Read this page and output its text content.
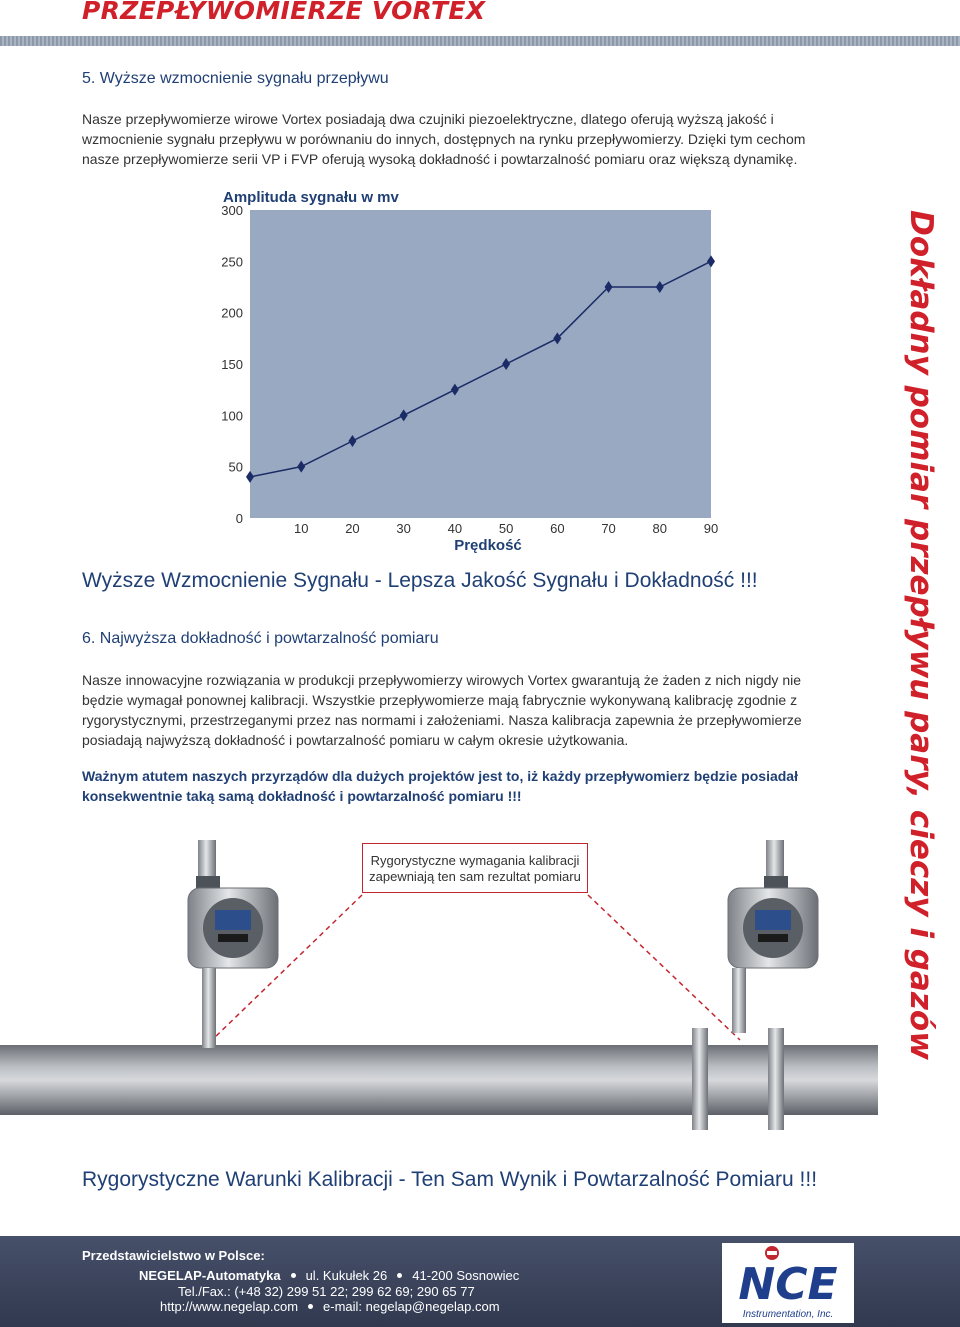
PRZEPŁYWOMIERZE VORTEX
5. Wyższe wzmocnienie sygnału przepływu

Nasze przepływomierze wirowe Vortex posiadają dwa czujniki piezoelektryczne, dlatego oferują wyższą jakość i

wzmocnienie sygnału przepływu w porównaniu do innych, dostępnych na rynku przepływomierzy. Dzięki tym cechom

nasze przepływomierze serii VP i FVP oferują wysoką dokładność i powtarzalność pomiaru oraz większą dynamikę.

Amplituda sygnału w mv
0
50
100
150
200
250
300
10	20	30	40	50	60	70	80	90
Prędkość
Wyższe Wzmocnienie Sygnału - Lepsza Jakość Sygnału i Dokładność !!!
6. Najwyższa dokładność i powtarzalność pomiaru

Nasze innowacyjne rozwiązania w produkcji przepływomierzy wirowych Vortex gwarantują że żaden z nich nigdy nie

będzie wymagał ponownej kalibracji. Wszystkie przepływomierze mają fabrycznie wykonywaną kalibrację zgodnie z

rygorystycznymi, przestrzeganymi przez nas normami i założeniami. Nasza kalibracja zapewnia że przepływomierze

posiadają najwyższą dokładność i powtarzalność pomiaru w całym okresie użytkowania.

Ważnym atutem naszych przyrządów dla dużych projektów jest to, iż każdy przepływomierz będzie posiadał

konsekwentnie taką samą dokładność i powtarzalność pomiaru !!!

Rygorystyczne wymagania kalibracji
zapewniają ten sam rezultat pomiaru
Rygorystyczne Warunki Kalibracji - Ten Sam Wynik i Powtarzalność Pomiaru !!!
Dokładny pomiar przepływu pary, cieczy i gazów
Przedstawicielstwo w Polsce:
NEGELAP-Automatyka ul. Kukułek 26 41-200 Sosnowiec
Tel./Fax.: (+48 32) 299 51 22; 299 62 69; 290 65 77
http://www.negelap.com e-mail: negelap@negelap.com	NCE
Instrumentation, Inc.
